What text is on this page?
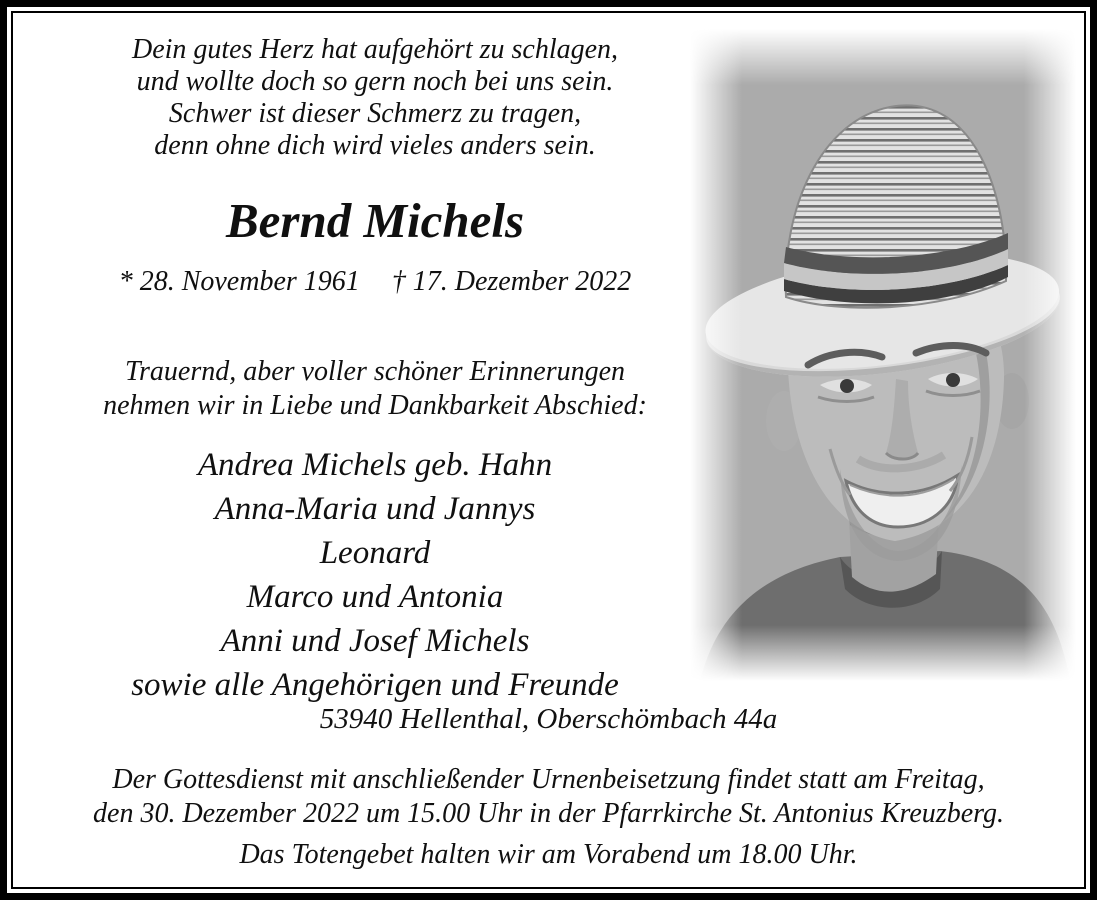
Dein gutes Herz hat aufgehört zu schlagen,
und wollte doch so gern noch bei uns sein.
Schwer ist dieser Schmerz zu tragen,
denn ohne dich wird vieles anders sein.
Bernd Michels
* 28. November 1961 † 17. Dezember 2022
Trauernd, aber voller schöner Erinnerungen
nehmen wir in Liebe und Dankbarkeit Abschied:
Andrea Michels geb. Hahn
Anna-Maria und Jannys
Leonard
Marco und Antonia
Anni und Josef Michels
sowie alle Angehörigen und Freunde
53940 Hellenthal, Oberschömbach 44a
Der Gottesdienst mit anschließender Urnenbeisetzung findet statt am Freitag,
den 30. Dezember 2022 um 15.00 Uhr in der Pfarrkirche St. Antonius Kreuzberg.
Das Totengebet halten wir am Vorabend um 18.00 Uhr.
